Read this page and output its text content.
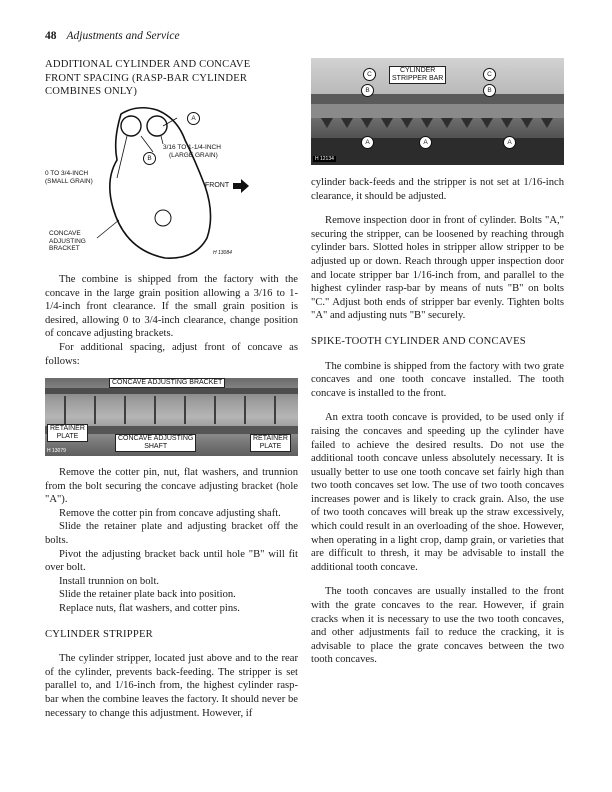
48 Adjustments and Service
ADDITIONAL CYLINDER AND CONCAVE
FRONT SPACING (RASP-BAR CYLINDER
COMBINES ONLY)
A
B
3/16 TO 1-1/4-INCH
(LARGE GRAIN)
0 TO 3/4-INCH
(SMALL GRAIN)
FRONT
CONCAVE
ADJUSTING
BRACKET
H 13084

The combine is shipped from the factory with the concave in the large grain position allowing a 3/16 to 1-1/4-inch front clearance. If the small grain position is desired, allowing 0 to 3/4-inch clearance, change position of concave adjusting brackets.

For additional spacing, adjust front of concave as follows:

CONCAVE ADJUSTING BRACKET
RETAINER
PLATE	CONCAVE ADJUSTING
SHAFT
RETAINER
PLATE
H 13079

Remove the cotter pin, nut, flat washers, and trunnion from the bolt securing the concave adjusting bracket (hole "A").

Remove the cotter pin from concave adjusting shaft.

Slide the retainer plate and adjusting bracket off the bolts.

Pivot the adjusting bracket back until hole "B" will fit over bolt.

Install trunnion on bolt.

Slide the retainer plate back into position.

Replace nuts, flat washers, and cotter pins.

CYLINDER STRIPPER

The cylinder stripper, located just above and to the rear of the cylinder, prevents back-feeding. The stripper is set parallel to, and 1/16-inch from, the highest cylinder rasp-bar when the combine leaves the factory. It should never be necessary to change this adjustment. However, if

CYLINDER
STRIPPER BAR
C
B
C
B
A	A	A
H 12134

cylinder back-feeds and the stripper is not set at 1/16-inch clearance, it should be adjusted.

Remove inspection door in front of cylinder. Bolts "A," securing the stripper, can be loosened by reaching through cylinder bars. Slotted holes in stripper allow stripper to be adjusted up or down. Reach through upper inspection door and locate stripper bar 1/16-inch from, and parallel to the highest cylinder rasp-bar by means of nuts "B" on bolts "C." Adjust both ends of stripper bar evenly. Tighten bolts "A" and adjusting nuts "B" securely.

SPIKE-TOOTH CYLINDER AND CONCAVES

The combine is shipped from the factory with two grate concaves and one tooth concave installed. The tooth concave is installed to the front.

An extra tooth concave is provided, to be used only if raising the concaves and speeding up the cylinder have failed to achieve the desired results. Do not use the additional tooth concave unless absolutely necessary. It is usually better to use one tooth concave set fairly high than two tooth concaves set low. The use of two tooth concaves increases power and is likely to crack grain. Also, the use of two tooth concaves will break up the straw excessively, which could result in an overloading of the shoe. However, when operating in a light crop, damp grain, or varieties that are difficult to thresh, it may be advisable to install the additional tooth concave.

The tooth concaves are usually installed to the front with the grate concaves to the rear. However, if grain cracks when it is necessary to use the two tooth concaves, and other adjustments fail to reduce the cracking, it is advisable to place the grate concaves between the two tooth concaves.
